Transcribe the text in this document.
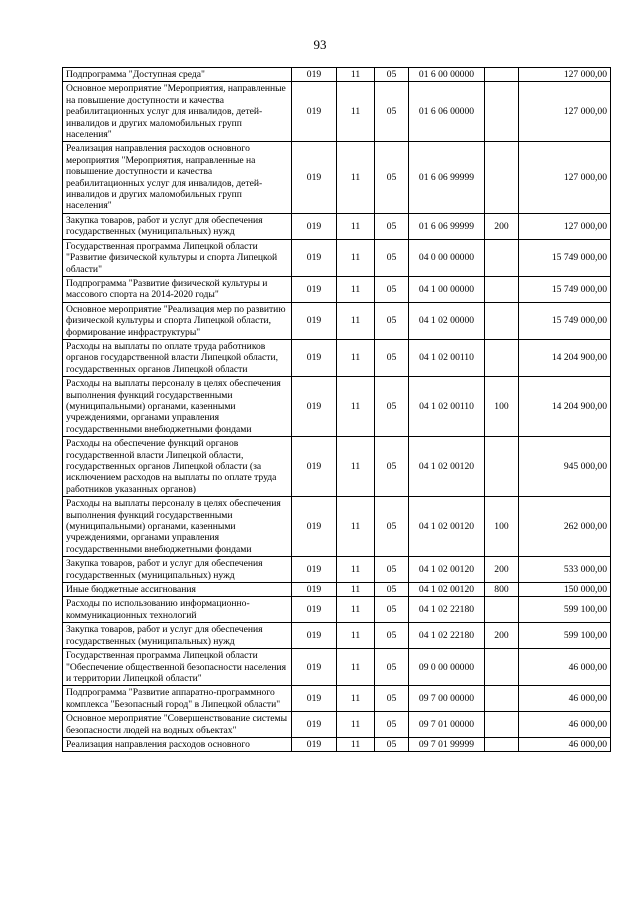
93
Подпрограмма "Доступная среда"	019	11	05	01 6 00 00000		127 000,00
Основное мероприятие "Мероприятия, направленные на повышение доступности и качества реабилитационных услуг для инвалидов, детей-инвалидов и других маломобильных групп населения"	019	11	05	01 6 06 00000		127 000,00
Реализация направления расходов основного мероприятия "Мероприятия, направленные на повышение доступности и качества реабилитационных услуг для инвалидов, детей-инвалидов и других маломобильных групп населения"	019	11	05	01 6 06 99999		127 000,00
Закупка товаров, работ и услуг для обеспечения государственных (муниципальных) нужд	019	11	05	01 6 06 99999	200	127 000,00
Государственная программа Липецкой области "Развитие физической культуры и спорта Липецкой области"	019	11	05	04 0 00 00000		15 749 000,00
Подпрограмма "Развитие физической культуры и массового спорта на 2014-2020 годы"	019	11	05	04 1 00 00000		15 749 000,00
Основное мероприятие "Реализация мер по развитию физической культуры и спорта Липецкой области, формирование инфраструктуры"	019	11	05	04 1 02 00000		15 749 000,00
Расходы на выплаты по оплате труда работников органов государственной власти Липецкой области, государственных органов Липецкой области	019	11	05	04 1 02 00110		14 204 900,00
Расходы на выплаты персоналу в целях обеспечения выполнения функций государственными (муниципальными) органами, казенными учреждениями, органами управления государственными внебюджетными фондами	019	11	05	04 1 02 00110	100	14 204 900,00
Расходы на обеспечение функций органов государственной власти Липецкой области, государственных органов Липецкой области (за исключением расходов на выплаты по оплате труда работников указанных органов)	019	11	05	04 1 02 00120		945 000,00
Расходы на выплаты персоналу в целях обеспечения выполнения функций государственными (муниципальными) органами, казенными учреждениями, органами управления государственными внебюджетными фондами	019	11	05	04 1 02 00120	100	262 000,00
Закупка товаров, работ и услуг для обеспечения государственных (муниципальных) нужд	019	11	05	04 1 02 00120	200	533 000,00
Иные бюджетные ассигнования	019	11	05	04 1 02 00120	800	150 000,00
Расходы по использованию информационно-коммуникационных технологий	019	11	05	04 1 02 22180		599 100,00
Закупка товаров, работ и услуг для обеспечения государственных (муниципальных) нужд	019	11	05	04 1 02 22180	200	599 100,00
Государственная программа Липецкой области "Обеспечение общественной безопасности населения и территории Липецкой области"	019	11	05	09 0 00 00000		46 000,00
Подпрограмма "Развитие аппаратно-программного комплекса "Безопасный город" в Липецкой области"	019	11	05	09 7 00 00000		46 000,00
Основное мероприятие "Совершенствование системы безопасности людей на водных объектах"	019	11	05	09 7 01 00000		46 000,00
Реализация направления расходов основного	019	11	05	09 7 01 99999		46 000,00
